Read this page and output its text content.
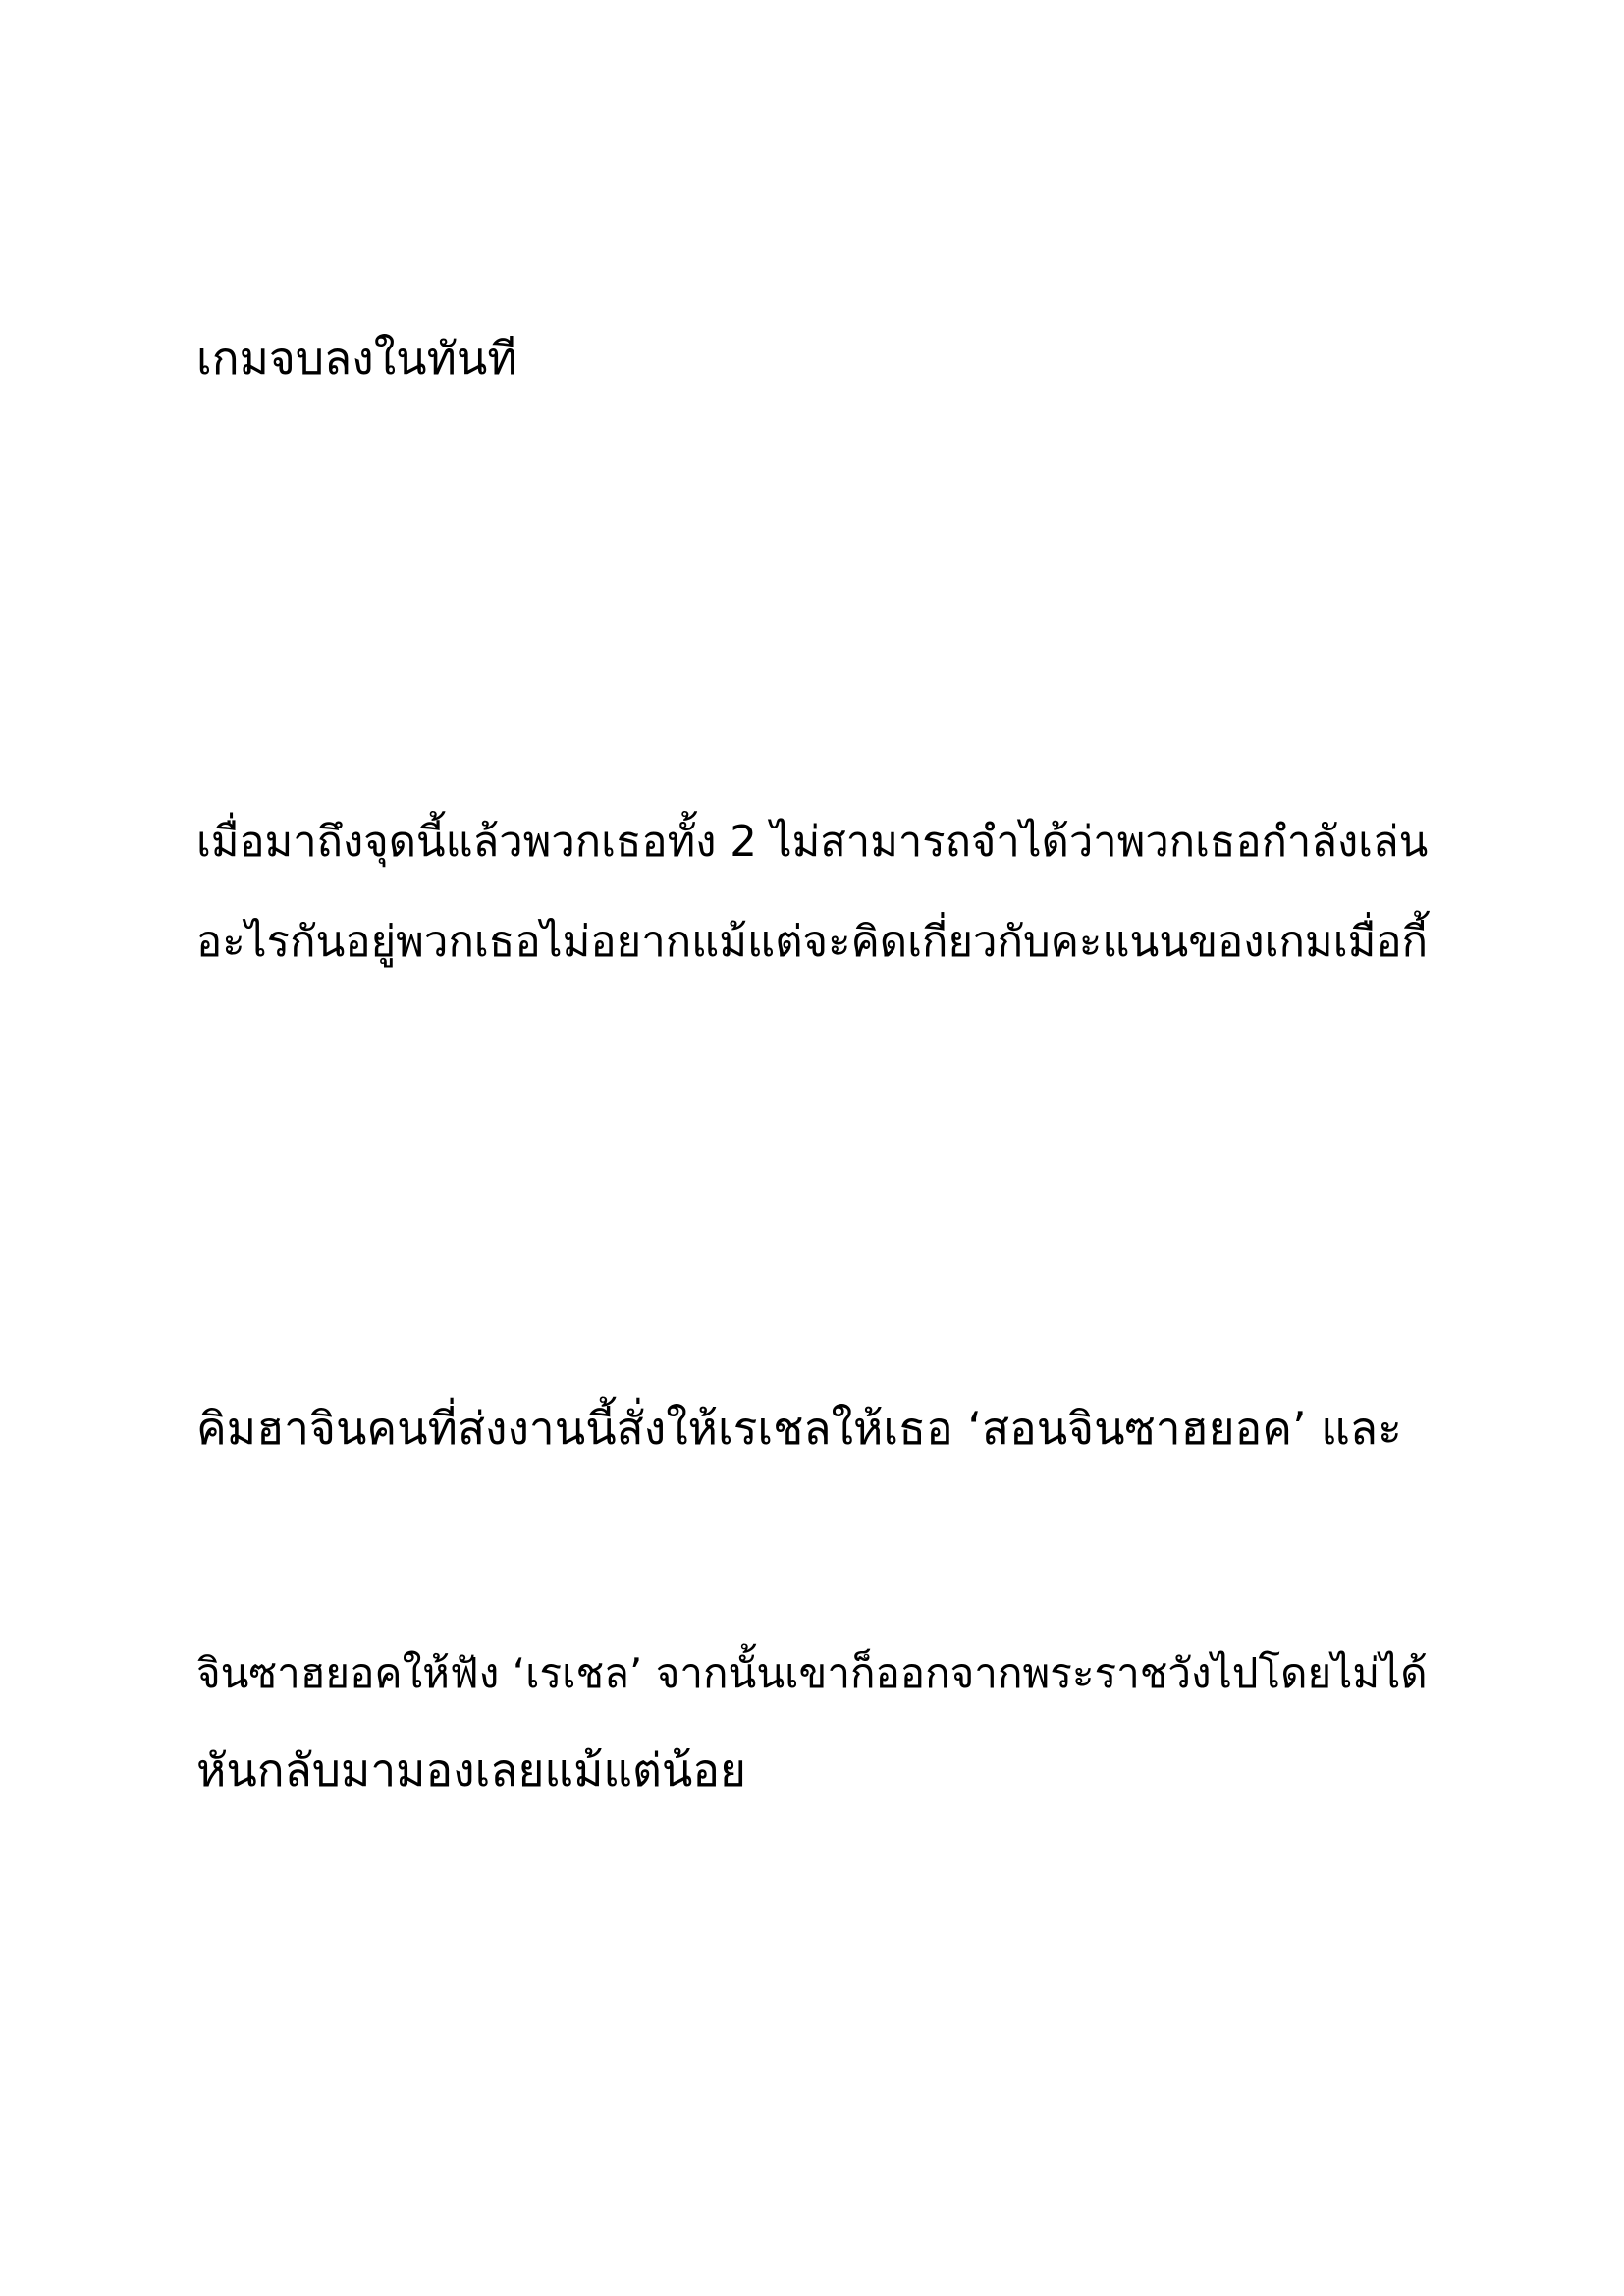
เกมจบลงในทันที
เมื่อมาถึงจุดนี้แล้วพวกเธอทั้ง 2 ไม่สามารถจำได้ว่าพวกเธอกำลังเล่น
อะไรกันอยู่พวกเธอไม่อยากแม้แต่จะคิดเกี่ยวกับคะแนนของเกมเมื่อกี้
คิมฮาจินคนที่ส่งงานนี้สั่งให้เรเชลให้เธอ ‘สอนจินซาฮยอค’ และ
จินซาฮยอคให้ฟัง ‘เรเชล’ จากนั้นเขาก็ออกจากพระราชวังไปโดยไม่ได้
หันกลับมามองเลยแม้แต่น้อย
